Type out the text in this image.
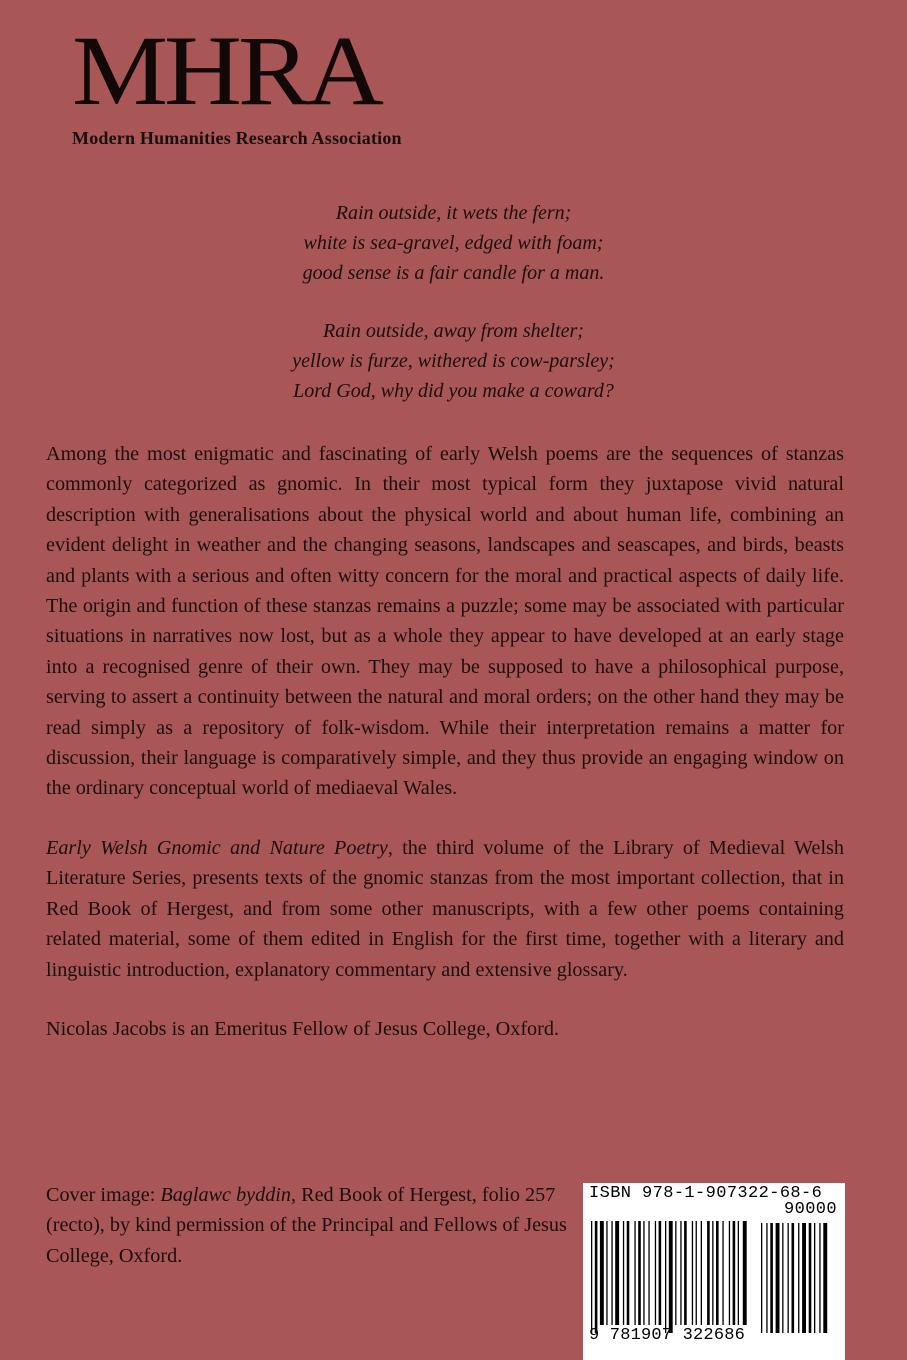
MHRA
Modern Humanities Research Association

Rain outside, it wets the fern;

white is sea-gravel, edged with foam;

good sense is a fair candle for a man.

Rain outside, away from shelter;

yellow is furze, withered is cow-parsley;

Lord God, why did you make a coward?

Among the most enigmatic and fascinating of early Welsh poems are the sequences of stanzas commonly categorized as gnomic. In their most typical form they juxtapose vivid natural description with generalisations about the physical world and about human life, combining an evident delight in weather and the changing seasons, landscapes and seascapes, and birds, beasts and plants with a serious and often witty concern for the moral and practical aspects of daily life. The origin and function of these stanzas remains a puzzle; some may be associated with particular situations in narratives now lost, but as a whole they appear to have developed at an early stage into a recognised genre of their own. They may be supposed to have a philosophical purpose, serving to assert a continuity between the natural and moral orders; on the other hand they may be read simply as a repository of folk-wisdom. While their interpretation remains a matter for discussion, their language is comparatively simple, and they thus provide an engaging window on the ordinary conceptual world of mediaeval Wales.

Early Welsh Gnomic and Nature Poetry, the third volume of the Library of Medieval Welsh Literature Series, presents texts of the gnomic stanzas from the most important collection, that in Red Book of Hergest, and from some other manuscripts, with a few other poems containing related material, some of them edited in English for the first time, together with a literary and linguistic introduction, explanatory commentary and extensive glossary.

Nicolas Jacobs is an Emeritus Fellow of Jesus College, Oxford.

Cover image: Baglawc byddin, Red Book of Hergest, folio 257 (recto), by kind permission of the Principal and Fellows of Jesus College, Oxford.
ISBN 978-1-907322-68-6
90000
9 781907 322686
